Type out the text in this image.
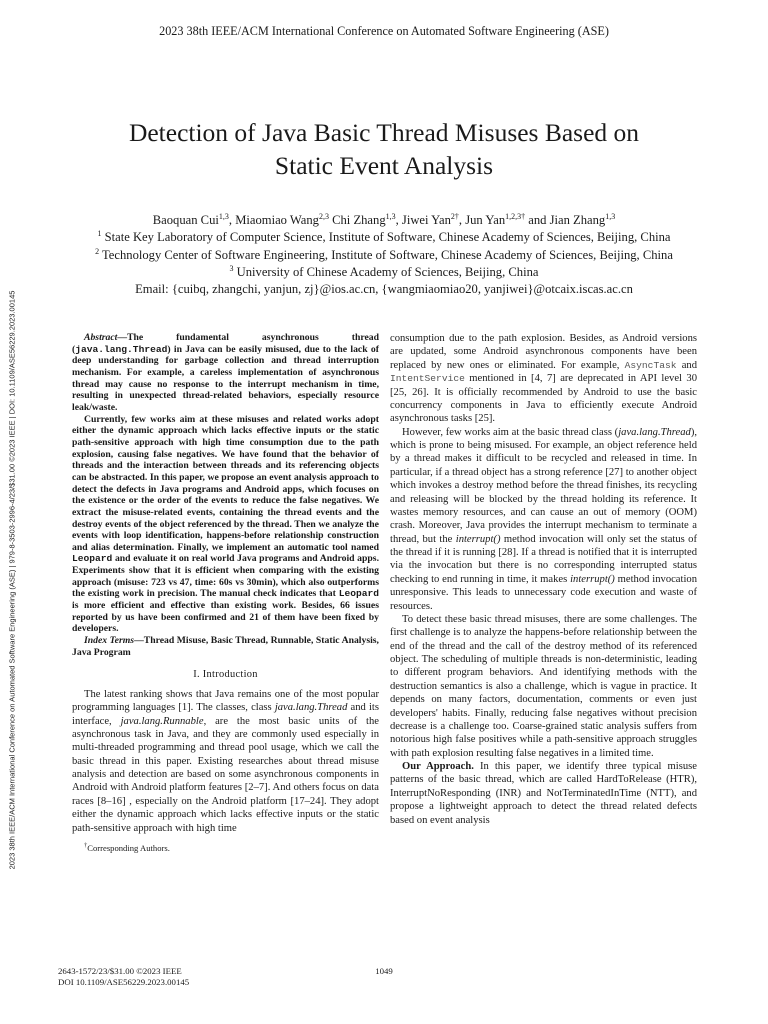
2023 38th IEEE/ACM International Conference on Automated Software Engineering (ASE)
Detection of Java Basic Thread Misuses Based on
Static Event Analysis
Baoquan Cui$^{1,3}$, Miaomiao Wang$^{2,3}$ Chi Zhang$^{1,3}$, Jiwei Yan$^{2\dagger}$, Jun Yan$^{1,2,3\dagger}$ and Jian Zhang$^{1,3}$
$^1$ State Key Laboratory of Computer Science, Institute of Software, Chinese Academy of Sciences, Beijing, China
$^2$ Technology Center of Software Engineering, Institute of Software, Chinese Academy of Sciences, Beijing, China
$^3$ University of Chinese Academy of Sciences, Beijing, China
Email: {cuibq, zhangchi, yanjun, zj}@ios.ac.cn, {wangmiaomiao20, yanjiwei}@otcaix.iscas.ac.cn
2023 38th IEEE/ACM International Conference on Automated Software Engineering (ASE) | 979-8-3503-2996-4/23/$31.00 ©2023 IEEE | DOI: 10.1109/ASE56229.2023.00145	Abstract—The fundamental asynchronous thread (java.lang.Thread) in Java can be easily misused, due to the lack of deep understanding for garbage collection and thread interruption mechanism. For example, a careless implementation of asynchronous thread may cause no response to the interrupt mechanism in time, resulting in unexpected thread-related behaviors, especially resource leak/waste.

Currently, few works aim at these misuses and related works adopt either the dynamic approach which lacks effective inputs or the static path-sensitive approach with high time consumption due to the path explosion, causing false negatives. We have found that the behavior of threads and the interaction between threads and its referencing objects can be abstracted. In this paper, we propose an event analysis approach to detect the defects in Java programs and Android apps, which focuses on the existence or the order of the events to reduce the false negatives. We extract the misuse-related events, containing the thread events and the destroy events of the object referenced by the thread. Then we analyze the events with loop identification, happens-before relationship construction and alias determination. Finally, we implement an automatic tool named Leopard and evaluate it on real world Java programs and Android apps. Experiments show that it is efficient when comparing with the existing approach (misuse: 723 vs 47, time: 60s vs 30min), which also outperforms the existing work in precision. The manual check indicates that Leopard is more efficient and effective than existing work. Besides, 66 issues reported by us have been confirmed and 21 of them have been fixed by developers.

Index Terms—Thread Misuse, Basic Thread, Runnable, Static Analysis, Java Program

I. Introduction

The latest ranking shows that Java remains one of the most popular programming languages [1]. The classes, class java.lang.Thread and its interface, java.lang.Runnable, are the most basic units of the asynchronous task in Java, and they are commonly used especially in multi-threaded programming and thread pool usage, which we call the basic thread in this paper. Existing researches about thread misuse analysis and detection are based on some asynchronous components in Android with Android platform features [2–7]. And others focus on data races [8–16] , especially on the Android platform [17–24]. They adopt either the dynamic approach which lacks effective inputs or the static path-sensitive approach with high time

†Corresponding Authors.

consumption due to the path explosion. Besides, as Android versions are updated, some Android asynchronous components have been replaced by new ones or eliminated. For example, AsyncTask and IntentService mentioned in [4, 7] are deprecated in API level 30 [25, 26]. It is officially recommended by Android to use the basic concurrency components in Java to efficiently execute Android asynchronous tasks [25].

However, few works aim at the basic thread class (java.lang.Thread), which is prone to being misused. For example, an object reference held by a thread makes it difficult to be recycled and released in time. In particular, if a thread object has a strong reference [27] to another object which invokes a destroy method before the thread finishes, its recycling and releasing will be blocked by the thread holding its reference. It wastes memory resources, and can cause an out of memory (OOM) crash. Moreover, Java provides the interrupt mechanism to terminate a thread, but the interrupt() method invocation will only set the status of the thread if it is running [28]. If a thread is notified that it is interrupted via the invocation but there is no corresponding interrupted status checking to end running in time, it makes interrupt() method invocation unresponsive. This leads to unnecessary code execution and waste of resources.

To detect these basic thread misuses, there are some challenges. The first challenge is to analyze the happens-before relationship between the end of the thread and the call of the destroy method of its referenced object. The scheduling of multiple threads is non-deterministic, leading to different program behaviors. And identifying methods with the destruction semantics is also a challenge, which is vague in practice. It depends on many factors, documentation, comments or even just developers' habits. Finally, reducing false negatives without precision decrease is a challenge too. Coarse-grained static analysis suffers from notorious high false positives while a path-sensitive approach struggles with path explosion resulting false negatives in a limited time.

Our Approach. In this paper, we identify three typical misuse patterns of the basic thread, which are called HardToRelease (HTR), InterruptNoResponding (INR) and NotTerminatedInTime (NTT), and propose a lightweight approach to detect the thread related defects based on event analysis

2643-1572/23/$31.00 ©2023 IEEE
DOI 10.1109/ASE56229.2023.00145
1049
